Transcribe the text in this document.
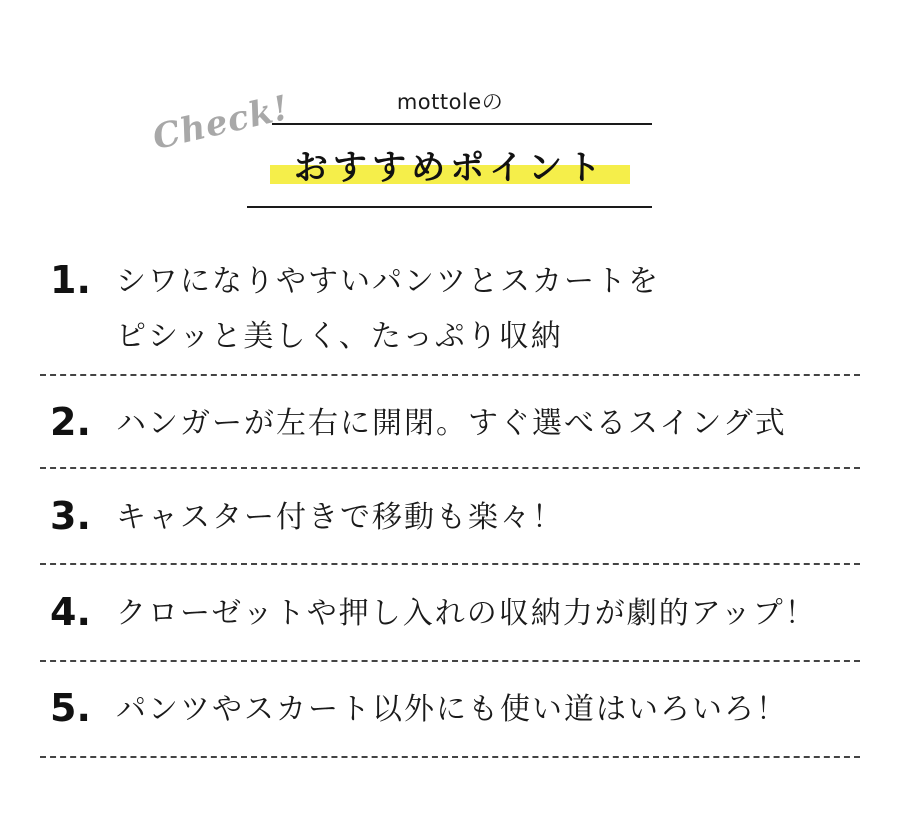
mottoleの
Check!
おすすめポイント
1. シワになりやすいパンツとスカートを
ピシッと美しく、たっぷり収納
2. ハンガーが左右に開閉。すぐ選べるスイング式
3. キャスター付きで移動も楽々！
4. クローゼットや押し入れの収納力が劇的アップ！
5. パンツやスカート以外にも使い道はいろいろ！
